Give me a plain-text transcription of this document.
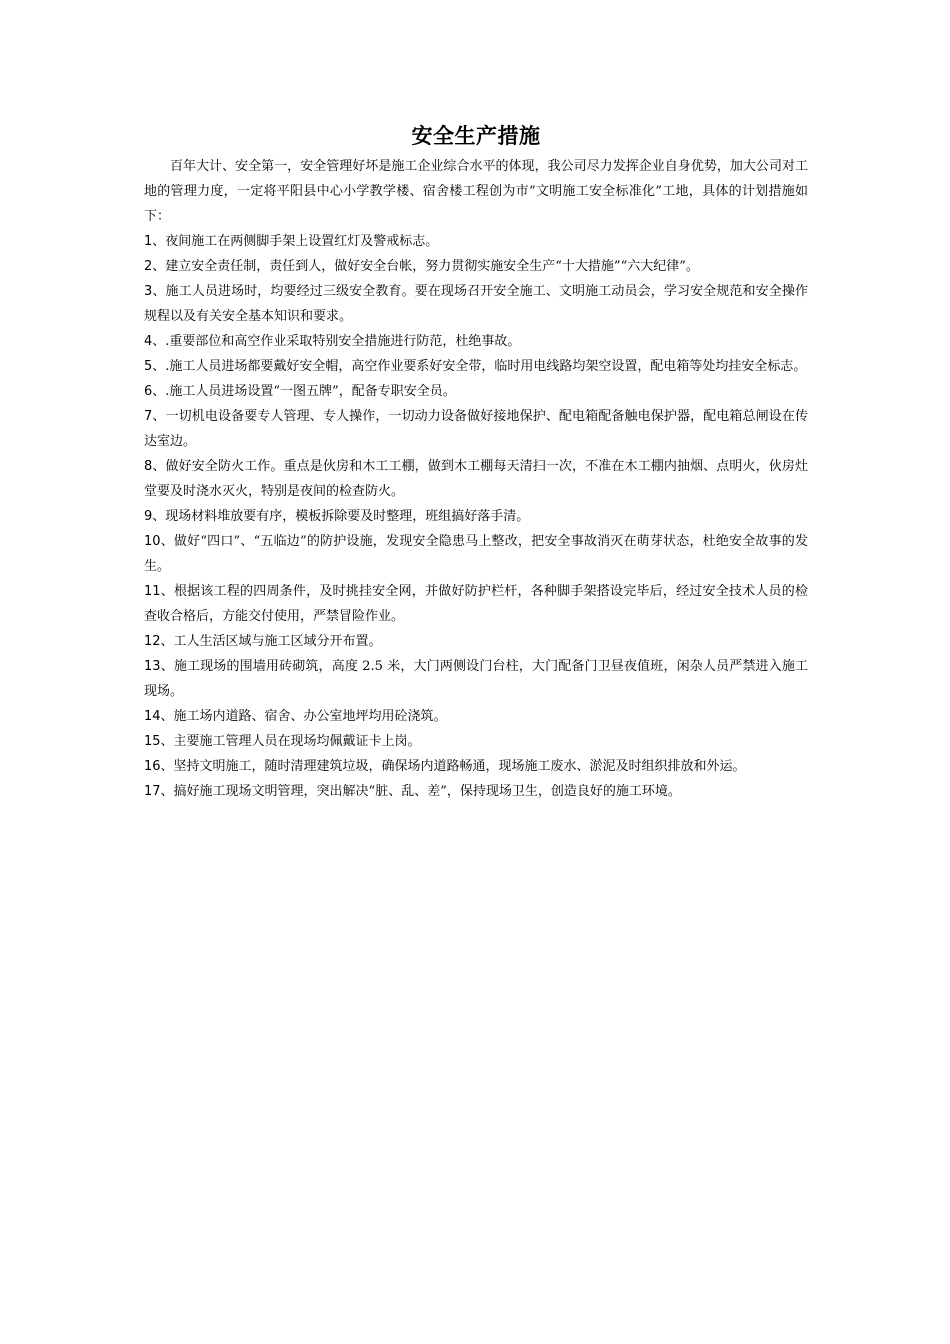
安全生产措施

百年大计、安全第一，安全管理好坏是施工企业综合水平的体现，我公司尽力发挥企业自身优势，加大公司对工地的管理力度，一定将平阳县中心小学教学楼、宿舍楼工程创为市“文明施工安全标准化”工地，具体的计划措施如下：

1、夜间施工在两侧脚手架上设置红灯及警戒标志。

2、建立安全责任制，责任到人，做好安全台帐，努力贯彻实施安全生产“十大措施”“六大纪律”。

3、施工人员进场时，均要经过三级安全教育。要在现场召开安全施工、文明施工动员会，学习安全规范和安全操作规程以及有关安全基本知识和要求。

4、.重要部位和高空作业采取特别安全措施进行防范，杜绝事故。

5、.施工人员进场都要戴好安全帽，高空作业要系好安全带，临时用电线路均架空设置，配电箱等处均挂安全标志。

6、.施工人员进场设置“一图五牌”，配备专职安全员。

7、一切机电设备要专人管理、专人操作，一切动力设备做好接地保护、配电箱配备触电保护器，配电箱总闸设在传达室边。

8、做好安全防火工作。重点是伙房和木工工棚，做到木工棚每天清扫一次，不准在木工棚内抽烟、点明火，伙房灶堂要及时浇水灭火，特别是夜间的检查防火。

9、现场材料堆放要有序，模板拆除要及时整理，班组搞好落手清。

10、做好“四口”、“五临边”的防护设施，发现安全隐患马上整改，把安全事故消灭在萌芽状态，杜绝安全故事的发生。

11、根据该工程的四周条件，及时挑挂安全网，并做好防护栏杆，各种脚手架搭设完毕后，经过安全技术人员的检查收合格后，方能交付使用，严禁冒险作业。

12、工人生活区域与施工区域分开布置。

13、施工现场的围墙用砖砌筑，高度 2.5 米，大门两侧设门台柱，大门配备门卫昼夜值班，闲杂人员严禁进入施工现场。

14、施工场内道路、宿舍、办公室地坪均用砼浇筑。

15、主要施工管理人员在现场均佩戴证卡上岗。

16、坚持文明施工，随时清理建筑垃圾，确保场内道路畅通，现场施工废水、淤泥及时组织排放和外运。

17、搞好施工现场文明管理，突出解决“脏、乱、差”，保持现场卫生，创造良好的施工环境。
